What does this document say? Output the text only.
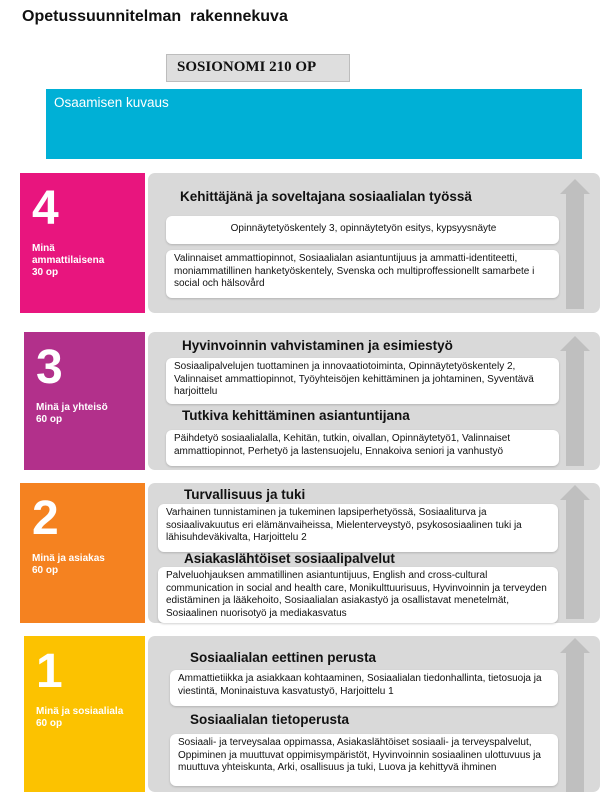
Opetussuunnitelman  rakennekuva
SOSIONOMI 210 OP
Osaamisen kuvaus
4
Minä ammattilaisena
30 op
Kehittäjänä ja soveltajana sosiaalialan työssä
Opinnäytetyöskentely 3, opinnäytetyön esitys, kypsyysnäyte
Valinnaiset ammattiopinnot, Sosiaalialan asiantuntijuus ja ammatti-identiteetti, moniammatillinen hanketyöskentely, Svenska och multiproffessionellt samarbete i social och hälsovård
3
Minä ja yhteisö
60 op
Hyvinvoinnin vahvistaminen ja esimiestyö
Sosiaalipalvelujen tuottaminen ja innovaatiotoiminta, Opinnäytetyöskentely 2, Valinnaiset ammattiopinnot, Työyhteisöjen kehittäminen ja johtaminen, Syventävä harjoittelu
Tutkiva kehittäminen asiantuntijana
Päihdetyö sosiaalialalla, Kehitän, tutkin, oivallan, Opinnäytetyö1, Valinnaiset ammattiopinnot, Perhetyö ja lastensuojelu, Ennakoiva seniori ja vanhustyö
2
Minä ja asiakas
60 op
Turvallisuus ja tuki
Varhainen tunnistaminen ja tukeminen lapsiperhetyössä, Sosiaaliturva ja sosiaalivakuutus eri elämänvaiheissa, Mielenterveystyö, psykososiaalinen tuki ja lähisuhdeväkivalta, Harjoittelu 2
Asiakaslähtöiset sosiaalipalvelut
Palveluohjauksen ammatillinen asiantuntijuus, English and cross-cultural communication in social and health care, Monikulttuurisuus, Hyvinvoinnin ja terveyden edistäminen ja lääkehoito, Sosiaalialan asiakastyö ja osallistavat menetelmät, Sosiaalinen nuorisotyö ja mediakasvatus
1
Minä ja sosiaaliala
60 op
Sosiaalialan eettinen perusta
Ammattietiikka ja asiakkaan kohtaaminen, Sosiaalialan tiedonhallinta, tietosuoja ja viestintä, Moninaistuva kasvatustyö, Harjoittelu 1
Sosiaalialan tietoperusta
Sosiaali- ja terveysalaa oppimassa, Asiakaslähtöiset sosiaali- ja terveyspalvelut, Oppiminen ja muuttuvat oppimisympäristöt, Hyvinvoinnin sosiaalinen ulottuvuus ja muuttuva yhteiskunta, Arki, osallisuus ja tuki, Luova ja kehittyvä ihminen
